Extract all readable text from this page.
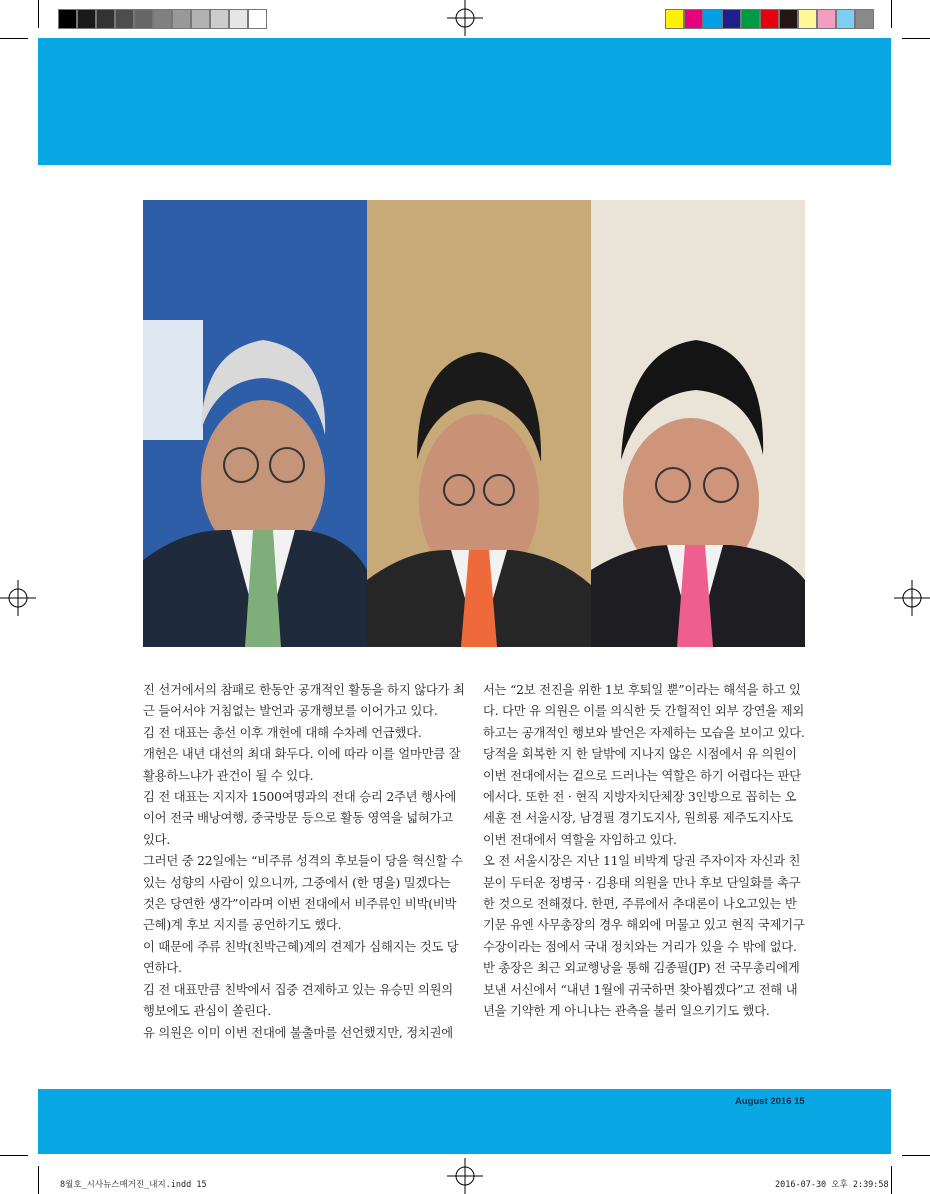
진 선거에서의 참패로 한동안 공개적인 활동을 하지 않다가 최근 들어서야 거침없는 발언과 공개행보를 이어가고 있다.

김 전 대표는 총선 이후 개헌에 대해 수차례 언급했다.

개헌은 내년 대선의 최대 화두다. 이에 따라 이를 얼마만큼 잘 활용하느냐가 관건이 될 수 있다.

김 전 대표는 지지자 1500여명과의 전대 승리 2주년 행사에 이어 전국 배낭여행, 중국방문 등으로 활동 영역을 넓혀가고 있다.

그러던 중 22일에는 “비주류 성격의 후보들이 당을 혁신할 수 있는 성향의 사람이 있으니까, 그중에서 (한 명을) 밀겠다는 것은 당연한 생각”이라며 이번 전대에서 비주류인 비박(비박근혜)계 후보 지지를 공언하기도 했다.

이 때문에 주류 친박(친박근혜)계의 견제가 심해지는 것도 당연하다.

김 전 대표만큼 친박에서 집중 견제하고 있는 유승민 의원의 행보에도 관심이 쏠린다.

유 의원은 이미 이번 전대에 불출마를 선언했지만, 정치권에

서는 “2보 전진을 위한 1보 후퇴일 뿐”이라는 해석을 하고 있다. 다만 유 의원은 이를 의식한 듯 간헐적인 외부 강연을 제외하고는 공개적인 행보와 발언은 자제하는 모습을 보이고 있다.

당적을 회복한 지 한 달밖에 지나지 않은 시점에서 유 의원이 이번 전대에서는 겉으로 드러나는 역할은 하기 어렵다는 판단에서다. 또한 전 · 현직 지방자치단체장 3인방으로 꼽히는 오세훈 전 서울시장, 남경필 경기도지사, 원희룡 제주도지사도 이번 전대에서 역할을 자임하고 있다.

오 전 서울시장은 지난 11일 비박계 당권 주자이자 자신과 친분이 두터운 정병국 · 김용태 의원을 만나 후보 단일화를 촉구한 것으로 전해졌다. 한편, 주류에서 추대론이 나오고있는 반기문 유엔 사무총장의 경우 해외에 머물고 있고 현직 국제기구 수장이라는 점에서 국내 정치와는 거리가 있을 수 밖에 없다.

반 총장은 최근 외교행낭을 통해 김종필(JP) 전 국무총리에게 보낸 서신에서 “내년 1월에 귀국하면 찾아뵙겠다”고 전해 내년을 기약한 게 아니냐는 관측을 불러 일으키기도 했다.

August 2016 15
8월호_시사뉴스매거진_내지.indd 15	2016-07-30 오후 2:39:58
